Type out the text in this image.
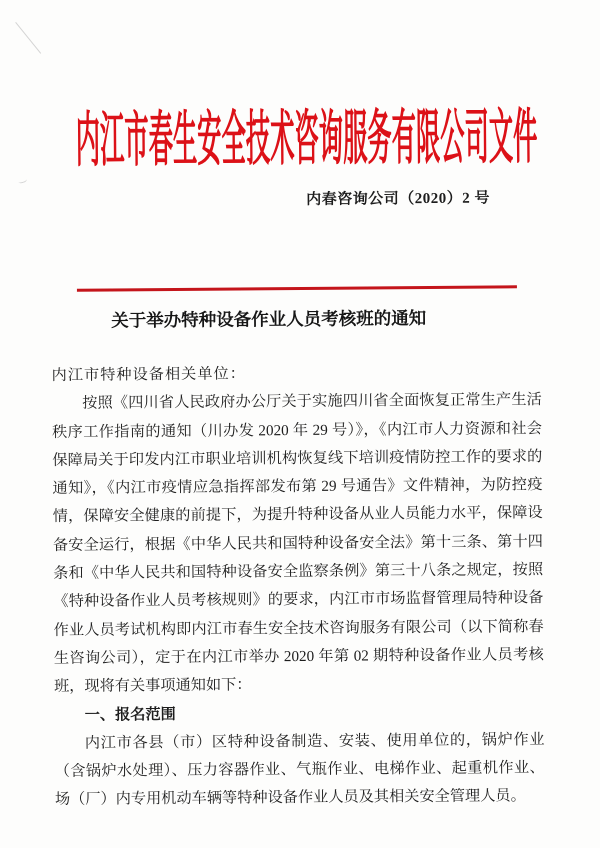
内江市春生安全技术咨询服务有限公司文件
内春咨询公司（2020）2 号
关于举办特种设备作业人员考核班的通知

内江市特种设备相关单位：

按照《四川省人民政府办公厅关于实施四川省全面恢复正常生产生活秩序工作指南的通知（川办发 2020 年 29 号）》，《内江市人力资源和社会保障局关于印发内江市职业培训机构恢复线下培训疫情防控工作的要求的通知》，《内江市疫情应急指挥部发布第 29 号通告》文件精神，为防控疫情，保障安全健康的前提下，为提升特种设备从业人员能力水平，保障设备安全运行，根据《中华人民共和国特种设备安全法》第十三条、第十四条和《中华人民共和国特种设备安全监察条例》第三十八条之规定，按照《特种设备作业人员考核规则》的要求，内江市市场监督管理局特种设备作业人员考试机构即内江市春生安全技术咨询服务有限公司（以下简称春生咨询公司），定于在内江市举办 2020 年第 02 期特种设备作业人员考核班，现将有关事项通知如下：

一、报名范围

内江市各县（市）区特种设备制造、安装、使用单位的，锅炉作业（含锅炉水处理）、压力容器作业、气瓶作业、电梯作业、起重机作业、场（厂）内专用机动车辆等特种设备作业人员及其相关安全管理人员。
